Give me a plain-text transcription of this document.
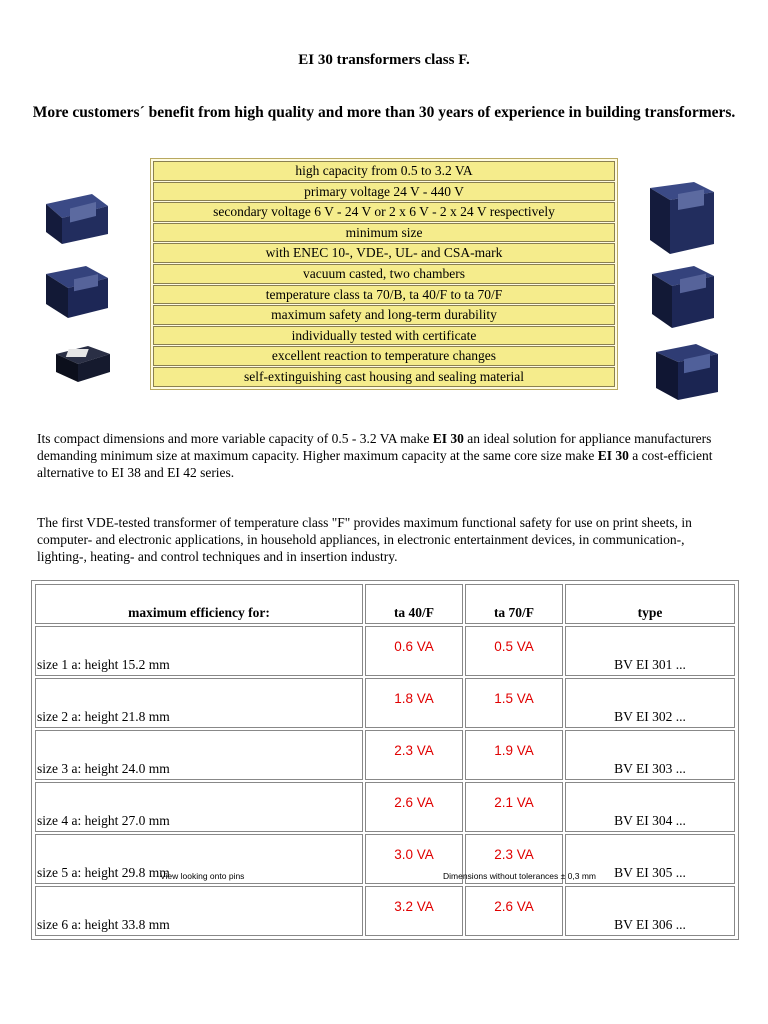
EI 30 transformers class F.
More customers´ benefit from high quality and more than 30 years of experience in building transformers.
high capacity from 0.5 to 3.2 VA
primary voltage 24 V - 440 V
secondary voltage 6 V - 24 V or 2 x 6 V - 2 x 24 V respectively
minimum size
with ENEC 10-, VDE-, UL- and CSA-mark
vacuum casted, two chambers
temperature class ta 70/B, ta 40/F to ta 70/F
maximum safety and long-term durability
individually tested with certificate
excellent reaction to temperature changes
self-extinguishing cast housing and sealing material
Its compact dimensions and more variable capacity of 0.5 - 3.2 VA make EI 30 an ideal solution for appliance manufacturers demanding minimum size at maximum capacity. Higher maximum capacity at the same core size make EI 30 a cost-efficient alternative to EI 38 and EI 42 series.
The first VDE-tested transformer of temperature class "F" provides maximum functional safety for use on print sheets, in computer- and electronic applications, in household appliances, in electronic entertainment devices, in communication-, lighting-, heating- and control techniques and in insertion industry.
maximum efficiency for:	ta 40/F	ta 70/F	type
size 1 a: height 15.2 mm	0.6 VA	0.5 VA	BV EI 301 ...
size 2 a: height 21.8 mm	1.8 VA	1.5 VA	BV EI 302 ...
size 3 a: height 24.0 mm	2.3 VA	1.9 VA	BV EI 303 ...
size 4 a: height 27.0 mm	2.6 VA	2.1 VA	BV EI 304 ...
size 5 a: height 29.8 mm	3.0 VA	2.3 VA	BV EI 305 ...
size 6 a: height 33.8 mm	3.2 VA	2.6 VA	BV EI 306 ...
View looking onto pins	Dimensions without tolerances ± 0,3 mm
